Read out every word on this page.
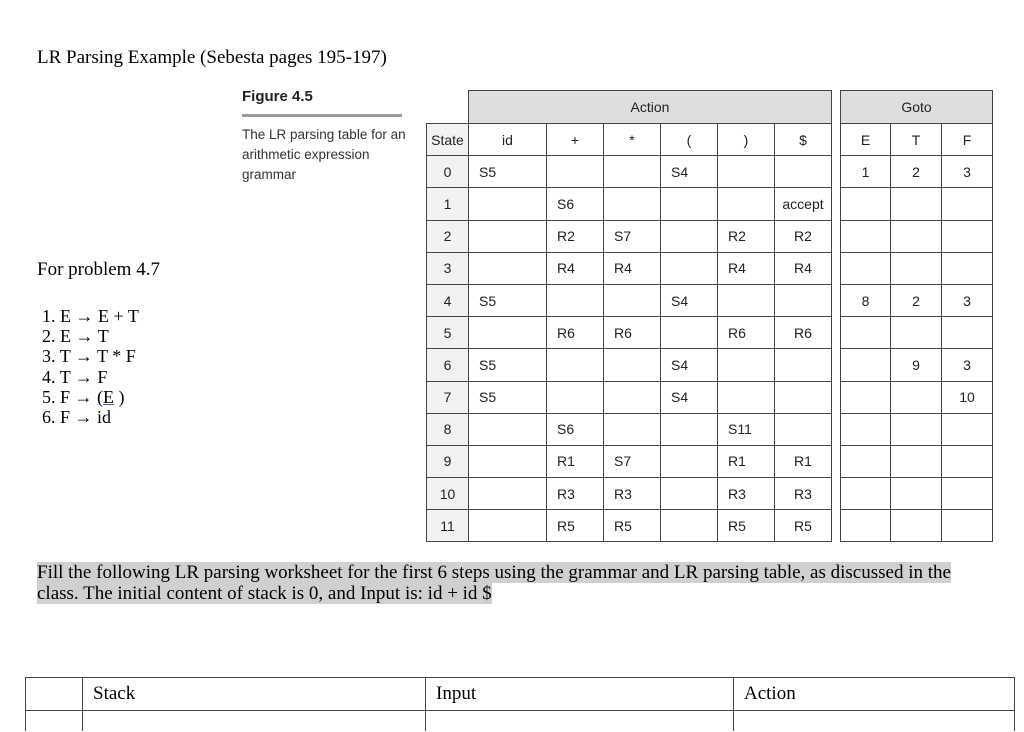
LR Parsing Example (Sebesta pages 195-197)
Figure 4.5
The LR parsing table for an arithmetic expression grammar
For problem 4.7
1. E → E + T
2. E → T
3. T → T * F
4. T → F
5. F → (E )
6. F → id
	Action							Goto		
State	id	+	*	(	)	$		E	T	F
0	S5			S4				1	2	3
1		S6				accept				
2		R2	S7		R2	R2				
3		R4	R4		R4	R4				
4	S5			S4				8	2	3
5		R6	R6		R6	R6				
6	S5			S4					9	3
7	S5			S4						10
8		S6			S11					
9		R1	S7		R1	R1				
10		R3	R3		R3	R3				
11		R5	R5		R5	R5				
Fill the following LR parsing worksheet for the first 6 steps using the grammar and LR parsing table, as discussed in the class. The initial content of stack is 0, and Input is: id + id $
	Stack	Input	Action
